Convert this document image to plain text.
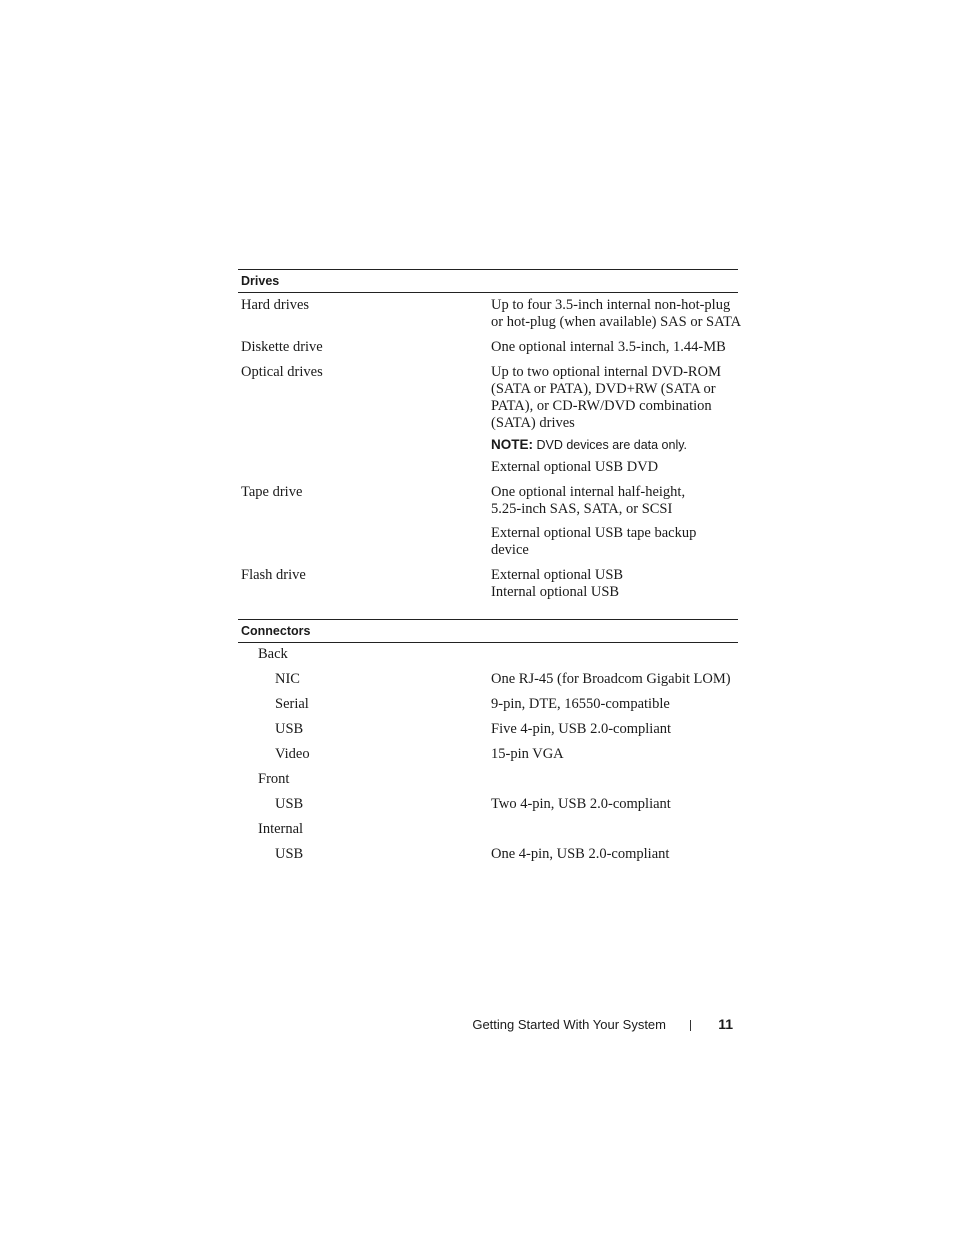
Drives

Hard drives	Up to four 3.5-inch internal non-hot-plug

or hot-plug (when available) SAS or SATA

Diskette drive	One optional internal 3.5-inch, 1.44-MB

Optical drives	Up to two optional internal DVD-ROM

(SATA or PATA), DVD+RW (SATA or

PATA), or CD-RW/DVD combination

(SATA) drives

NOTE: DVD devices are data only.

External optional USB DVD

Tape drive	One optional internal half-height,

5.25-inch SAS, SATA, or SCSI

External optional USB tape backup

device

Flash drive	External optional USB

Internal optional USB

Connectors

Back

NIC	One RJ-45 (for Broadcom Gigabit LOM)

Serial	9-pin, DTE, 16550-compatible

USB	Five 4-pin, USB 2.0-compliant

Video	15-pin VGA

Front

USB	Two 4-pin, USB 2.0-compliant

Internal

USB	One 4-pin, USB 2.0-compliant

Getting Started With Your System	11
